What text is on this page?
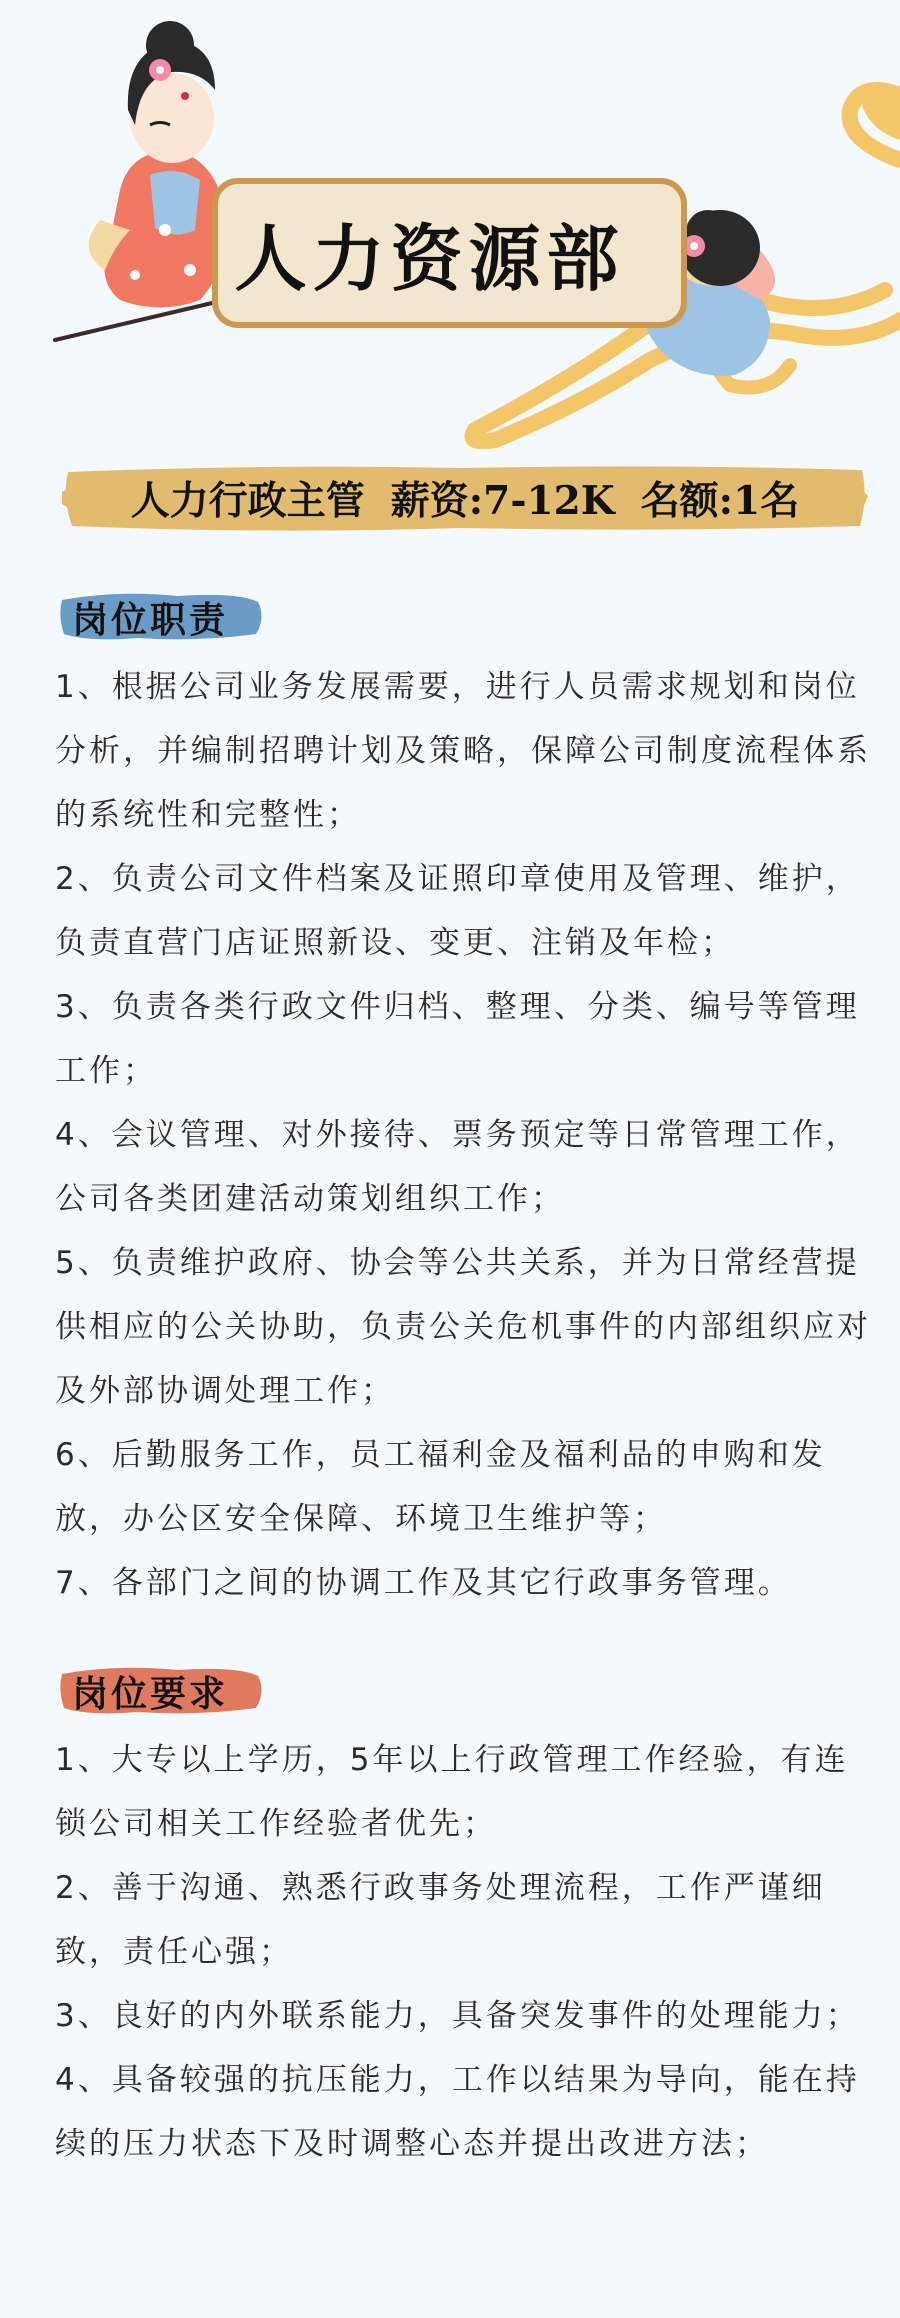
人力资源部
人力行政主管 薪资:7-12K 名额:1名
岗位职责
1、根据公司业务发展需要，进行人员需求规划和岗位分析，并编制招聘计划及策略，保障公司制度流程体系的系统性和完整性；
2、负责公司文件档案及证照印章使用及管理、维护，负责直营门店证照新设、变更、注销及年检；
3、负责各类行政文件归档、整理、分类、编号等管理工作；
4、会议管理、对外接待、票务预定等日常管理工作，公司各类团建活动策划组织工作；
5、负责维护政府、协会等公共关系，并为日常经营提供相应的公关协助，负责公关危机事件的内部组织应对及外部协调处理工作；
6、后勤服务工作，员工福利金及福利品的申购和发放，办公区安全保障、环境卫生维护等；
7、各部门之间的协调工作及其它行政事务管理。
岗位要求
1、大专以上学历，5年以上行政管理工作经验，有连锁公司相关工作经验者优先；
2、善于沟通、熟悉行政事务处理流程，工作严谨细致，责任心强；
3、良好的内外联系能力，具备突发事件的处理能力；
4、具备较强的抗压能力，工作以结果为导向，能在持续的压力状态下及时调整心态并提出改进方法；
